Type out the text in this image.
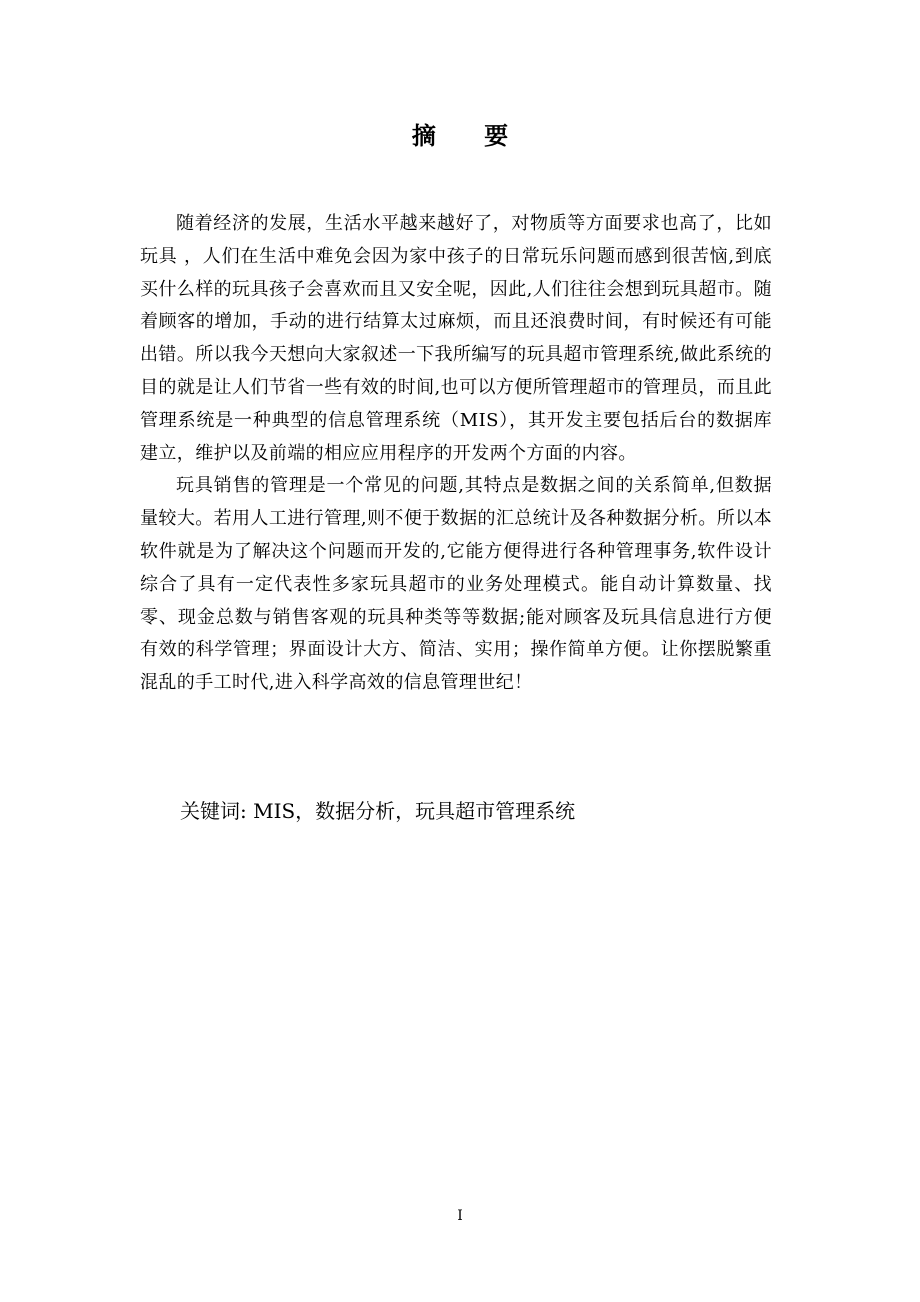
摘 要

随着经济的发展，生活水平越来越好了，对物质等方面要求也高了，比如玩具 ，人们在生活中难免会因为家中孩子的日常玩乐问题而感到很苦恼,到底买什么样的玩具孩子会喜欢而且又安全呢，因此,人们往往会想到玩具超市。随着顾客的增加，手动的进行结算太过麻烦，而且还浪费时间，有时候还有可能出错。所以我今天想向大家叙述一下我所编写的玩具超市管理系统,做此系统的目的就是让人们节省一些有效的时间,也可以方便所管理超市的管理员，而且此管理系统是一种典型的信息管理系统（MIS），其开发主要包括后台的数据库建立，维护以及前端的相应应用程序的开发两个方面的内容。

玩具销售的管理是一个常见的问题,其特点是数据之间的关系简单,但数据量较大。若用人工进行管理,则不便于数据的汇总统计及各种数据分析。所以本软件就是为了解决这个问题而开发的,它能方便得进行各种管理事务,软件设计综合了具有一定代表性多家玩具超市的业务处理模式。能自动计算数量、找零、现金总数与销售客观的玩具种类等等数据;能对顾客及玩具信息进行方便有效的科学管理；界面设计大方、简洁、实用；操作简单方便。让你摆脱繁重混乱的手工时代,进入科学高效的信息管理世纪！

关键词: MIS，数据分析，玩具超市管理系统
I
